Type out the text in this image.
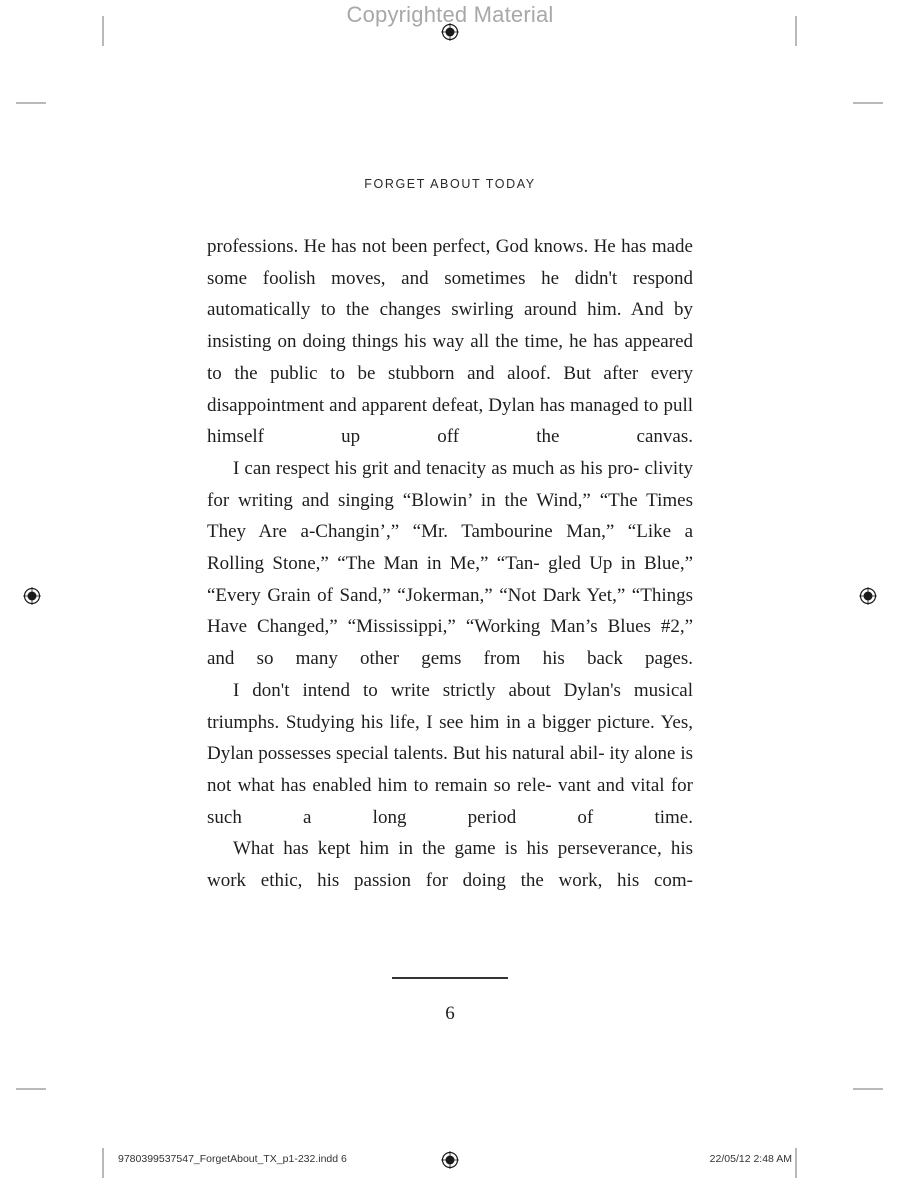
Copyrighted Material
FORGET ABOUT TODAY

professions. He has not been perfect, God knows. He has made some foolish moves, and sometimes he didn't respond automatically to the changes swirling around him. And by insisting on doing things his way all the time, he has appeared to the public to be stubborn and aloof. But after every disappointment and apparent defeat, Dylan has managed to pull himself up off the canvas.

I can respect his grit and tenacity as much as his pro- clivity for writing and singing “Blowin’ in the Wind,” “The Times They Are a-Changin’,” “Mr. Tambourine Man,” “Like a Rolling Stone,” “The Man in Me,” “Tan- gled Up in Blue,” “Every Grain of Sand,” “Jokerman,” “Not Dark Yet,” “Things Have Changed,” “Mississippi,” “Working Man’s Blues #2,” and so many other gems from his back pages.

I don't intend to write strictly about Dylan's musical triumphs. Studying his life, I see him in a bigger picture. Yes, Dylan possesses special talents. But his natural abil- ity alone is not what has enabled him to remain so rele- vant and vital for such a long period of time.

What has kept him in the game is his perseverance, his work ethic, his passion for doing the work, his com-

6
9780399537547_ForgetAbout_TX_p1-232.indd 6	22/05/12 2:48 AM
